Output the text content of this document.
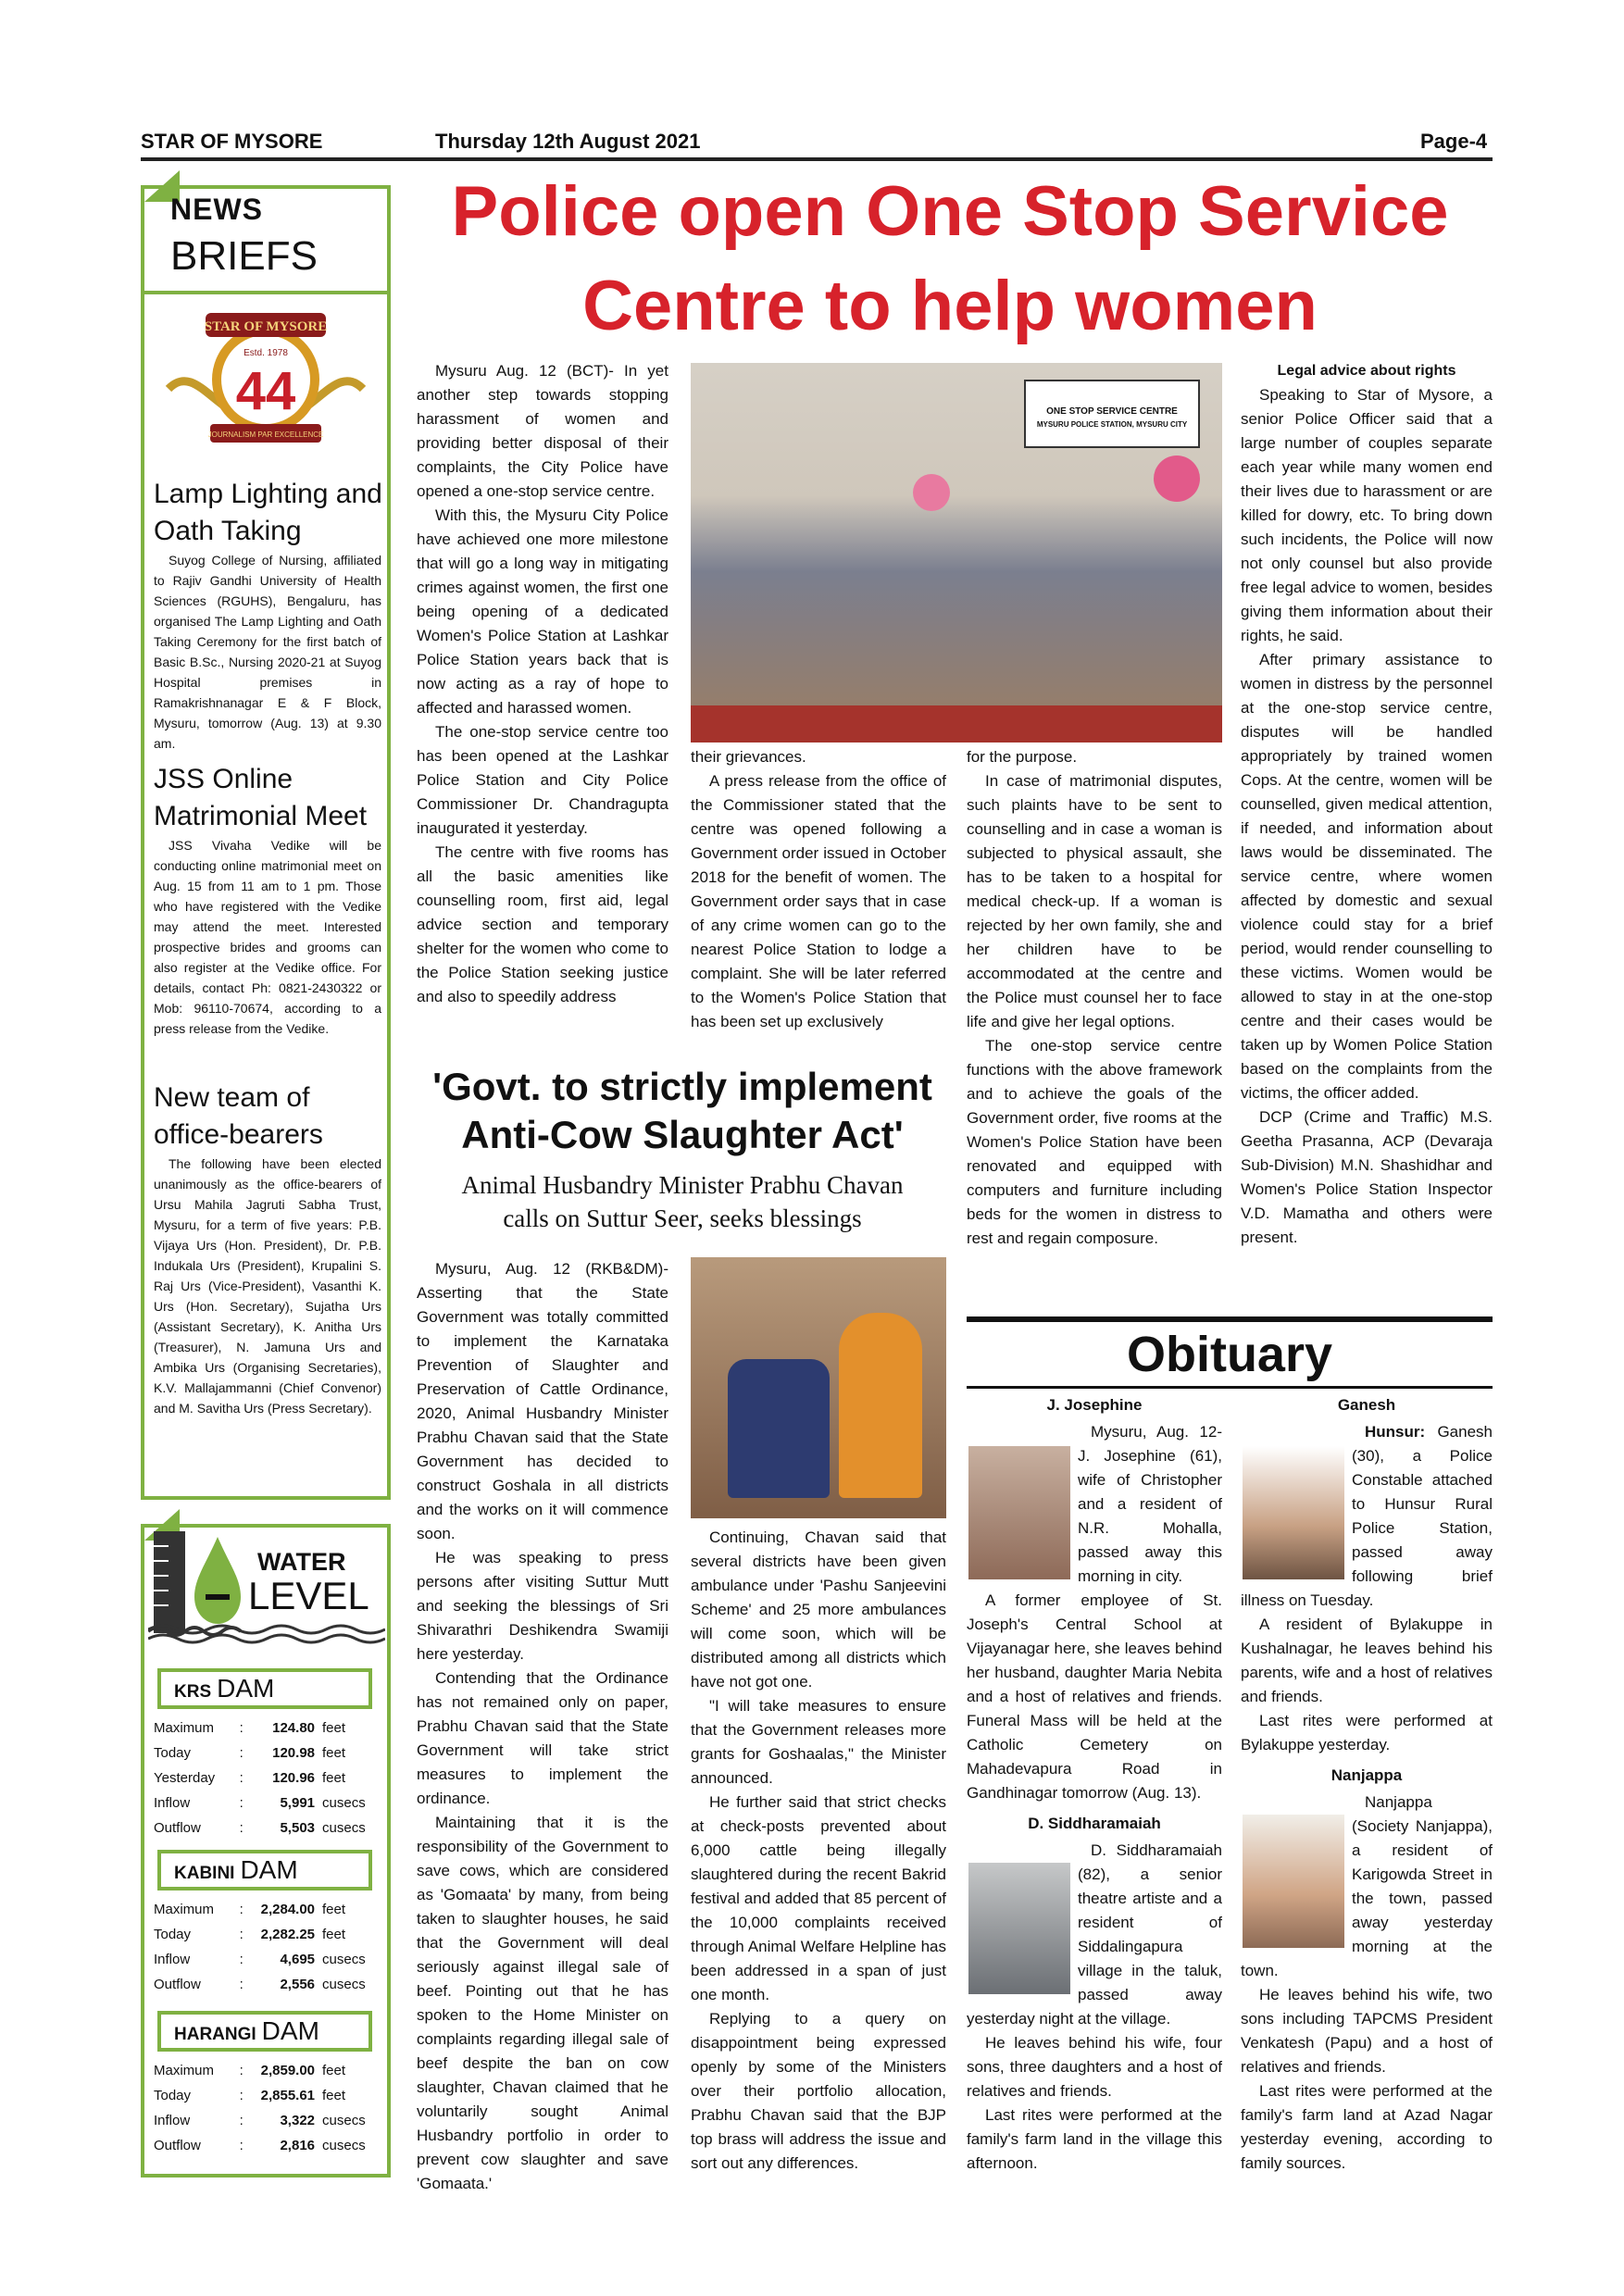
STAR OF MYSORE	Thursday 12th August 2021	Page-4
NEWS
BRIEFS
STAR OF MYSORE
Estd. 1978
44
JOURNALISM PAR EXCELLENCE
Lamp Lighting and Oath Taking
Suyog College of Nursing, affiliated to Rajiv Gandhi University of Health Sciences (RGUHS), Bengaluru, has organised The Lamp Lighting and Oath Taking Ceremony for the first batch of Basic B.Sc., Nursing 2020-21 at Suyog Hospital premises in Ramakrishnanagar E & F Block, Mysuru, tomorrow (Aug. 13) at 9.30 am.
JSS Online Matrimonial Meet
JSS Vivaha Vedike will be conducting online matrimonial meet on Aug. 15 from 11 am to 1 pm. Those who have registered with the Vedike may attend the meet. Interested prospective brides and grooms can also register at the Vedike office. For details, contact Ph: 0821-2430322 or Mob: 96110-70674, according to a press release from the Vedike.
New team of office-bearers
The following have been elected unanimously as the office-bearers of Ursu Mahila Jagruti Sabha Trust, Mysuru, for a term of five years: P.B. Vijaya Urs (Hon. President), Dr. P.B. Indukala Urs (President), Krupalini S. Raj Urs (Vice-President), Vasanthi K. Urs (Hon. Secretary), Sujatha Urs (Assistant Secretary), K. Anitha Urs (Treasurer), N. Jamuna Urs and Ambika Urs (Organising Secretaries), K.V. Mallajammanni (Chief Convenor) and M. Savitha Urs (Press Secretary).
WATER
LEVEL
KRS DAM
Maximum	:	124.80 feet
Today	:	120.98 feet
Yesterday	:	120.96 feet
Inflow	:	5,991 cusecs
Outflow	:	5,503 cusecs
KABINI DAM
Maximum	:	2,284.00 feet
Today	:	2,282.25 feet
Inflow	:	4,695 cusecs
Outflow	:	2,556 cusecs
HARANGI DAM
Maximum	:	2,859.00 feet
Today	:	2,855.61 feet
Inflow	:	3,322 cusecs
Outflow	:	2,816 cusecs
Police open One Stop Service
Centre to help women
ONE STOP SERVICE CENTRE
MYSURU POLICE STATION, MYSURU CITY

Mysuru Aug. 12 (BCT)- In yet another step towards stopping harassment of women and providing better disposal of their complaints, the City Police have opened a one-stop service centre.

With this, the Mysuru City Police have achieved one more milestone that will go a long way in mitigating crimes against women, the first one being opening of a dedicated Women's Police Station at Lashkar Police Station years back that is now acting as a ray of hope to affected and harassed women.

The one-stop service centre too has been opened at the Lashkar Police Station and City Police Commissioner Dr. Chandragupta inaugurated it yesterday.

The centre with five rooms has all the basic amenities like counselling room, first aid, legal advice section and temporary shelter for the women who come to the Police Station seeking justice and also to speedily address

their grievances.

A press release from the office of the Commissioner stated that the centre was opened following a Government order issued in October 2018 for the benefit of women. The Government order says that in case of any crime women can go to the nearest Police Station to lodge a complaint. She will be later referred to the Women's Police Station that has been set up exclusively

for the purpose.

In case of matrimonial disputes, such plaints have to be sent to counselling and in case a woman is subjected to physical assault, she has to be taken to a hospital for medical check-up. If a woman is rejected by her own family, she and her children have to be accommodated at the centre and the Police must counsel her to face life and give her legal options.

The one-stop service centre functions with the above framework and to achieve the goals of the Government order, five rooms at the Women's Police Station have been renovated and equipped with computers and furniture including beds for the women in distress to rest and regain composure.

Legal advice about rights

Speaking to Star of Mysore, a senior Police Officer said that a large number of couples separate each year while many women end their lives due to harassment or are killed for dowry, etc. To bring down such incidents, the Police will now not only counsel but also provide free legal advice to women, besides giving them information about their rights, he said.

After primary assistance to women in distress by the personnel at the one-stop service centre, disputes will be handled appropriately by trained women Cops. At the centre, women will be counselled, given medical attention, if needed, and information about laws would be disseminated. The service centre, where women affected by domestic and sexual violence could stay for a brief period, would render counselling to these victims. Women would be allowed to stay in at the one-stop centre and their cases would be taken up by Women Police Station based on the complaints from the victims, the officer added.

DCP (Crime and Traffic) M.S. Geetha Prasanna, ACP (Devaraja Sub-Division) M.N. Shashidhar and Women's Police Station Inspector V.D. Mamatha and others were present.

'Govt. to strictly implement
Anti-Cow Slaughter Act'
Animal Husbandry Minister Prabhu Chavan
calls on Suttur Seer, seeks blessings

Mysuru, Aug. 12 (RKB&DM)- Asserting that the State Government was totally committed to implement the Karnataka Prevention of Slaughter and Preservation of Cattle Ordinance, 2020, Animal Husbandry Minister Prabhu Chavan said that the State Government has decided to construct Goshala in all districts and the works on it will commence soon.

He was speaking to press persons after visiting Suttur Mutt and seeking the blessings of Sri Shivarathri Deshikendra Swamiji here yesterday.

Contending that the Ordinance has not remained only on paper, Prabhu Chavan said that the State Government will take strict measures to implement the ordinance.

Maintaining that it is the responsibility of the Government to save cows, which are considered as 'Gomaata' by many, from being taken to slaughter houses, he said that the Government will deal seriously against illegal sale of beef. Pointing out that he has spoken to the Home Minister on complaints regarding illegal sale of beef despite the ban on cow slaughter, Chavan claimed that he voluntarily sought Animal Husbandry portfolio in order to prevent cow slaughter and save 'Gomaata.'

Continuing, Chavan said that several districts have been given ambulance under 'Pashu Sanjeevini Scheme' and 25 more ambulances will come soon, which will be distributed among all districts which have not got one.

"I will take measures to ensure that the Government releases more grants for Goshaalas," the Minister announced.

He further said that strict checks at check-posts prevented about 6,000 cattle being illegally slaughtered during the recent Bakrid festival and added that 85 percent of the 10,000 complaints received through Animal Welfare Helpline has been addressed in a span of just one month.

Replying to a query on disappointment being expressed openly by some of the Ministers over their portfolio allocation, Prabhu Chavan said that the BJP top brass will address the issue and sort out any differences.

Obituary
J. Josephine

Mysuru, Aug. 12- J. Josephine (61), wife of Christopher and a resident of N.R. Mohalla, passed away this morning in city.

A former employee of St. Joseph's Central School at Vijayanagar here, she leaves behind her husband, daughter Maria Nebita and a host of relatives and friends. Funeral Mass will be held at the Catholic Cemetery on Mahadevapura Road in Gandhinagar tomorrow (Aug. 13).

D. Siddharamaiah

D. Siddharamaiah (82), a senior theatre artiste and a resident of Siddalingapura village in the taluk, passed away yesterday night at the village.

He leaves behind his wife, four sons, three daughters and a host of relatives and friends.

Last rites were performed at the family's farm land in the village this afternoon.

Ganesh

Hunsur: Ganesh (30), a Police Constable attached to Hunsur Rural Police Station, passed away following brief illness on Tuesday.

A resident of Bylakuppe in Kushalnagar, he leaves behind his parents, wife and a host of relatives and friends.

Last rites were performed at Bylakuppe yesterday.

Nanjappa

Nanjappa (Society Nanjappa), a resident of Karigowda Street in the town, passed away yesterday morning at the town.

He leaves behind his wife, two sons including TAPCMS President Venkatesh (Papu) and a host of relatives and friends.

Last rites were performed at the family's farm land at Azad Nagar yesterday evening, according to family sources.
